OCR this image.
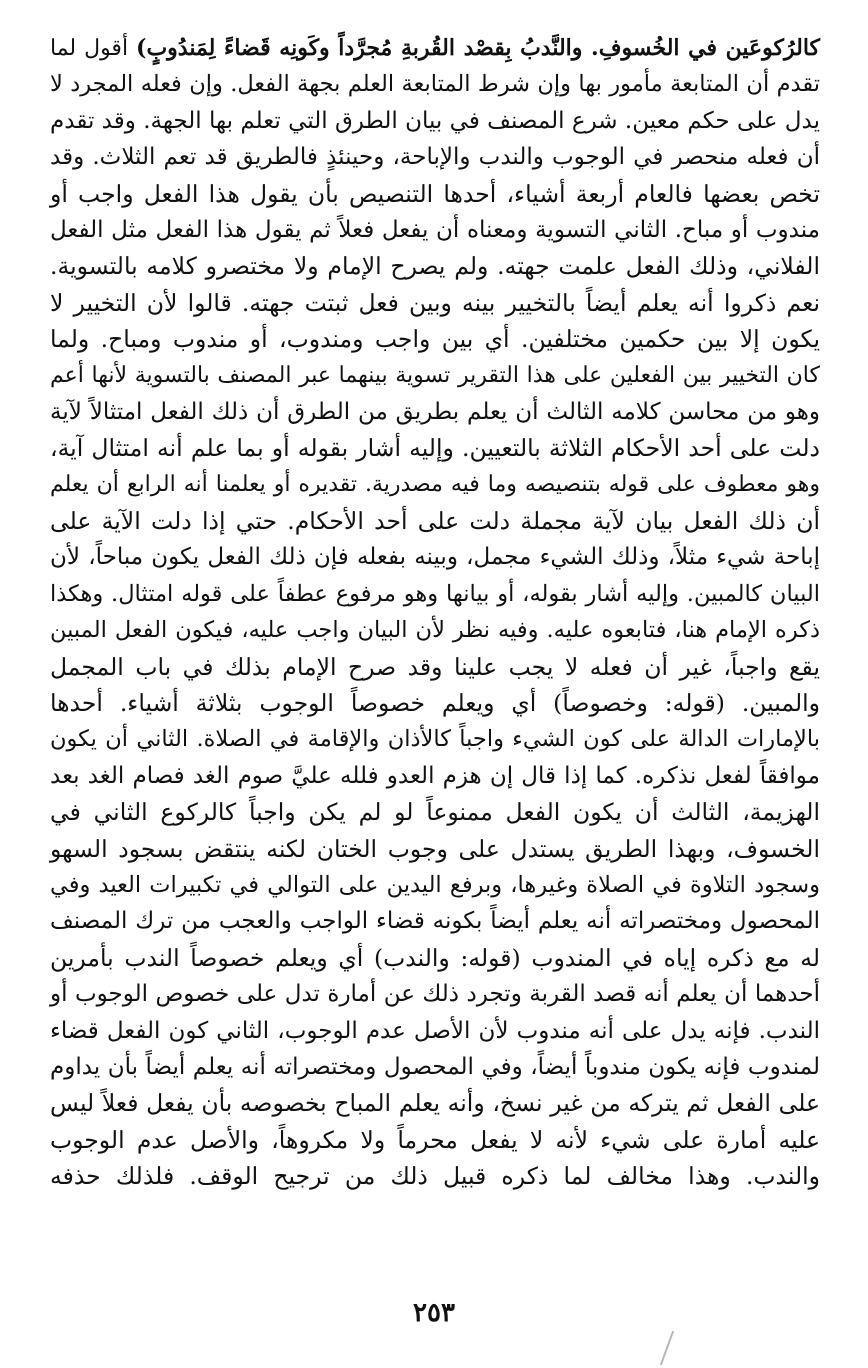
كالرُكوعَين في الخُسوفِ. والنَّدبُ بِقصْد القُربةِ مُجرَّداً وكَونِه قَضاءً لِمَندُوبٍ) أقول لما
تقدم أن المتابعة مأمور بها وإن شرط المتابعة العلم بجهة الفعل. وإن فعله المجرد لا
يدل على حكم معين. شرع المصنف في بيان الطرق التي تعلم بها الجهة. وقد تقدم
أن فعله منحصر في الوجوب والندب والإباحة، وحينئذٍ فالطريق قد تعم الثلاث. وقد
تخص بعضها فالعام أربعة أشياء، أحدها التنصيص بأن يقول هذا الفعل واجب أو
مندوب أو مباح. الثاني التسوية ومعناه أن يفعل فعلاً ثم يقول هذا الفعل مثل الفعل
الفلاني، وذلك الفعل علمت جهته. ولم يصرح الإمام ولا مختصرو كلامه بالتسوية.
نعم ذكروا أنه يعلم أيضاً بالتخيير بينه وبين فعل ثبتت جهته. قالوا لأن التخيير لا
يكون إلا بين حكمين مختلفين. أي بين واجب ومندوب، أو مندوب ومباح. ولما
كان التخيير بين الفعلين على هذا التقرير تسوية بينهما عبر المصنف بالتسوية لأنها أعم
وهو من محاسن كلامه الثالث أن يعلم بطريق من الطرق أن ذلك الفعل امتثالاً لآية
دلت على أحد الأحكام الثلاثة بالتعيين. وإليه أشار بقوله أو بما علم أنه امتثال آية،
وهو معطوف على قوله بتنصيصه وما فيه مصدرية. تقديره أو يعلمنا أنه الرابع أن يعلم
أن ذلك الفعل بيان لآية مجملة دلت على أحد الأحكام. حتي إذا دلت الآية على
إباحة شيء مثلاً، وذلك الشيء مجمل، وبينه بفعله فإن ذلك الفعل يكون مباحاً، لأن
البيان كالمبين. وإليه أشار بقوله، أو بيانها وهو مرفوع عطفاً على قوله امتثال. وهكذا
ذكره الإمام هنا، فتابعوه عليه. وفيه نظر لأن البيان واجب عليه، فيكون الفعل المبين
يقع واجباً، غير أن فعله لا يجب علينا وقد صرح الإمام بذلك في باب المجمل
والمبين. (قوله: وخصوصاً) أي ويعلم خصوصاً الوجوب بثلاثة أشياء. أحدها
بالإمارات الدالة على كون الشيء واجباً كالأذان والإقامة في الصلاة. الثاني أن يكون
موافقاً لفعل نذكره. كما إذا قال إن هزم العدو فلله عليَّ صوم الغد فصام الغد بعد
الهزيمة، الثالث أن يكون الفعل ممنوعاً لو لم يكن واجباً كالركوع الثاني في
الخسوف، وبهذا الطريق يستدل على وجوب الختان لكنه ينتقض بسجود السهو
وسجود التلاوة في الصلاة وغيرها، وبرفع اليدين على التوالي في تكبيرات العيد وفي
المحصول ومختصراته أنه يعلم أيضاً بكونه قضاء الواجب والعجب من ترك المصنف
له مع ذكره إياه في المندوب (قوله: والندب) أي ويعلم خصوصاً الندب بأمرين
أحدهما أن يعلم أنه قصد القربة وتجرد ذلك عن أمارة تدل على خصوص الوجوب أو
الندب. فإنه يدل على أنه مندوب لأن الأصل عدم الوجوب، الثاني كون الفعل قضاء
لمندوب فإنه يكون مندوباً أيضاً، وفي المحصول ومختصراته أنه يعلم أيضاً بأن يداوم
على الفعل ثم يتركه من غير نسخ، وأنه يعلم المباح بخصوصه بأن يفعل فعلاً ليس
عليه أمارة على شيء لأنه لا يفعل محرماً ولا مكروهاً، والأصل عدم الوجوب
والندب. وهذا مخالف لما ذكره قبيل ذلك من ترجيح الوقف. فلذلك حذفه
٢٥٣
